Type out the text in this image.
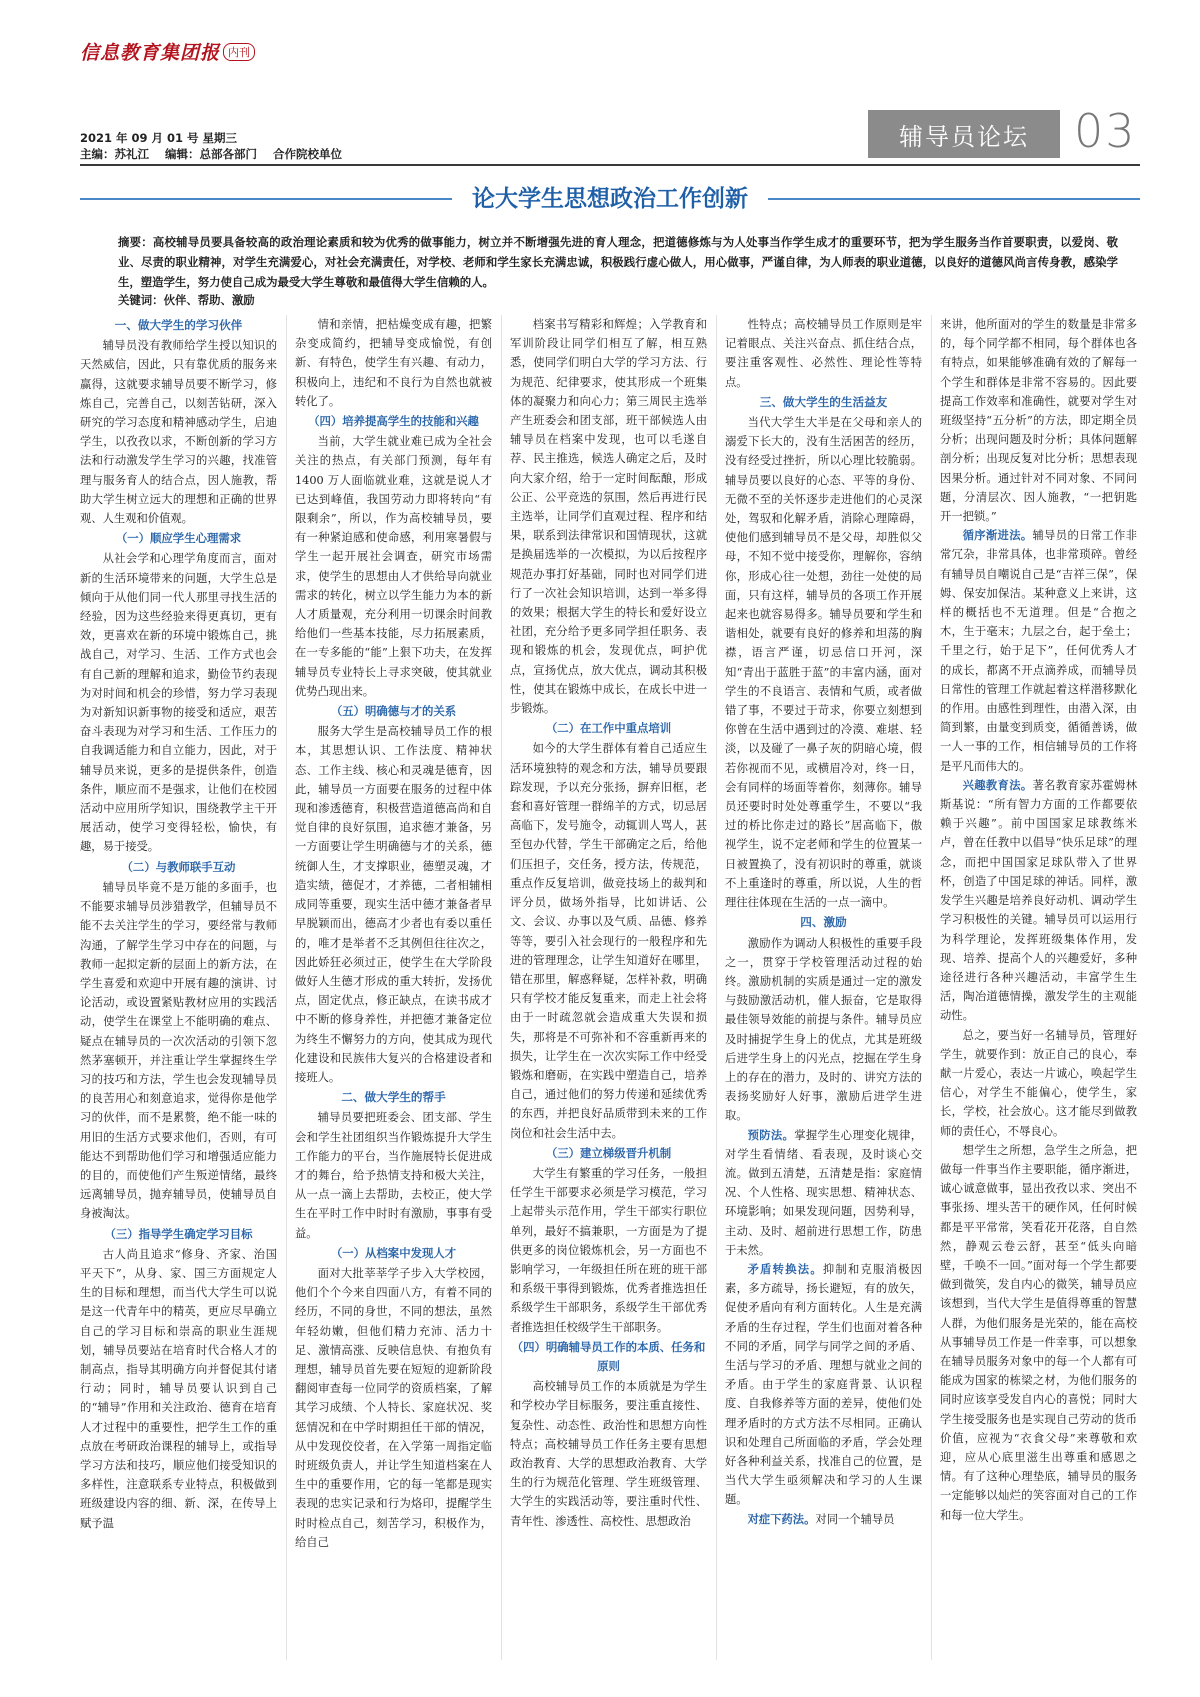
信息教育集团报 内刊
2021 年 09 月 01 号 星期三
主编：苏礼江 编辑：总部各部门 合作院校单位
辅导员论坛 03
论大学生思想政治工作创新
摘要：高校辅导员要具备较高的政治理论素质和较为优秀的做事能力，树立并不断增强先进的育人理念，把道德修炼与为人处事当作学生成才的重要环节，把为学生服务当作首要职责，以爱岗、敬业、尽责的职业精神，对学生充满爱心，对社会充满责任，对学校、老师和学生家长充满忠诚，积极践行虚心做人，用心做事，严谨自律，为人师表的职业道德，以良好的道德风尚言传身教，感染学生，塑造学生，努力使自己成为最受大学生尊敬和最值得大学生信赖的人。
关键词：伙伴、帮助、激励
一、做大学生的学习伙伴

辅导员没有教师给学生授以知识的天然威信，因此，只有靠优质的服务来赢得，这就要求辅导员要不断学习，修炼自己，完善自己，以刻苦钻研，深入研究的学习态度和精神感动学生，启迪学生，以孜孜以求，不断创新的学习方法和行动激发学生学习的兴趣，找准管理与服务育人的结合点，因人施教，帮助大学生树立远大的理想和正确的世界观、人生观和价值观。

（一）顺应学生心理需求

从社会学和心理学角度而言，面对新的生活环境带来的问题，大学生总是倾向于从他们同一代人那里寻找生活的经验，因为这些经验来得更真切，更有效，更喜欢在新的环境中锻炼自己，挑战自己，对学习、生活、工作方式也会有自己新的理解和追求，勤俭节约表现为对时间和机会的珍惜，努力学习表现为对新知识新事物的接受和适应，艰苦奋斗表现为对学习和生活、工作压力的自我调适能力和自立能力，因此，对于辅导员来说，更多的是提供条件，创造条件，顺应而不是强求，让他们在校园活动中应用所学知识，围绕教学主干开展活动，使学习变得轻松，愉快，有趣，易于接受。

（二）与教师联手互动

辅导员毕竟不是万能的多面手，也不能要求辅导员涉猎教学，但辅导员不能不去关注学生的学习，要经常与教师沟通，了解学生学习中存在的问题，与教师一起拟定新的层面上的新方法，在学生喜爱和欢迎中开展有趣的演讲、讨论活动，或设置紧贴教材应用的实践活动，使学生在课堂上不能明确的难点、疑点在辅导员的一次次活动的引领下忽然茅塞顿开，并注重让学生掌握终生学习的技巧和方法，学生也会发现辅导员的良苦用心和刻意追求，觉得你是他学习的伙伴，而不是累赘，绝不能一味的用旧的生活方式要求他们，否则，有可能达不到帮助他们学习和增强适应能力的目的，而使他们产生叛逆情绪，最终远离辅导员，抛弃辅导员，使辅导员自身被淘汰。

（三）指导学生确定学习目标

古人尚且追求“修身、齐家、治国平天下”，从身、家、国三方面规定人生的目标和理想，而当代大学生可以说是这一代青年中的精英，更应尽早确立自己的学习目标和崇高的职业生涯规划，辅导员要站在培育时代合格人才的制高点，指导其明确方向并督促其付诸行动；同时，辅导员要认识到自己的“辅导”作用和关注政治、德育在培育人才过程中的重要性，把学生工作的重点放在考研政治课程的辅导上，或指导学习方法和技巧，顺应他们接受知识的多样性，注意联系专业特点，积极做到班级建设内容的细、新、深，在传导上赋予温

情和亲情，把枯燥变成有趣，把繁杂变成简约，把辅导变成愉悦，有创新、有特色，使学生有兴趣、有动力，积极向上，违纪和不良行为自然也就被转化了。

（四）培养提高学生的技能和兴趣

当前，大学生就业难已成为全社会关注的热点，有关部门预测，每年有 1400 万人面临就业难，这就是说人才已达到峰值，我国劳动力即将转向“有限剩余”，所以，作为高校辅导员，要有一种紧迫感和使命感，利用寒暑假与学生一起开展社会调查，研究市场需求，使学生的思想由人才供给导向就业需求的转化，树立以学生能力为本的新人才质量观，充分利用一切课余时间教给他们一些基本技能，尽力拓展素质，在一专多能的“能”上狠下功夫，在发挥辅导员专业特长上寻求突破，使其就业优势凸现出来。

（五）明确德与才的关系

服务大学生是高校辅导员工作的根本，其思想认识、工作法度、精神状态、工作主线、核心和灵魂是德育，因此，辅导员一方面要在服务的过程中体现和渗透德育，积极营造道德高尚和自觉自律的良好氛围，追求德才兼备，另一方面要让学生明确德与才的关系，德统御人生，才支撑职业，德塑灵魂，才造实绩，德促才，才养德，二者相辅相成同等重要，现实生活中德才兼备者早早脱颖而出，德高才少者也有委以重任的，唯才是举者不乏其例但往往次之，因此娇狂必须过正，使学生在大学阶段做好人生德才形成的重大转折，发扬优点，固定优点，修正缺点，在读书成才中不断的修身养性，并把德才兼备定位为终生不懈努力的方向，使其成为现代化建设和民族伟大复兴的合格建设者和接班人。

二、做大学生的帮手

辅导员要把班委会、团支部、学生会和学生社团组织当作锻炼提升大学生工作能力的平台，当作施展特长促进成才的舞台，给予热情支持和极大关注，从一点一滴上去帮助，去校正，使大学生在平时工作中时时有激励，事事有受益。

（一）从档案中发现人才

面对大批莘莘学子步入大学校园，他们个个今来自四面八方，有着不同的经历，不同的身世，不同的想法，虽然年轻幼嫩，但他们精力充沛、活力十足、激情高涨、反映信息快、有抱负有理想，辅导员首先要在短短的迎新阶段翻阅审查每一位同学的资质档案，了解其学习成绩、个人特长、家庭状况、奖惩情况和在中学时期担任干部的情况，从中发现佼佼者，在入学第一周指定临时班级负责人，并让学生知道档案在人生中的重要作用，它的每一笔都是现实表现的忠实记录和行为烙印，提醒学生时时检点自己，刻苦学习，积极作为，给自己

档案书写精彩和辉煌；入学教育和军训阶段让同学们相互了解，相互熟悉，使同学们明白大学的学习方法、行为规范、纪律要求，使其形成一个班集体的凝聚力和向心力；第三周民主选举产生班委会和团支部，班干部候选人由辅导员在档案中发现，也可以毛遂自荐、民主推选，候选人确定之后，及时向大家介绍，给于一定时间酝酿，形成公正、公平竞选的氛围，然后再进行民主选举，让同学们直观过程、程序和结果，联系到法律常识和国情现状，这就是换届选举的一次模拟，为以后按程序规范办事打好基础，同时也对同学们进行了一次社会知识培训，达到一举多得的效果；根据大学生的特长和爱好设立社团，充分给予更多同学担任职务、表现和锻炼的机会，发现优点，呵护优点，宣扬优点，放大优点，调动其积极性，使其在锻炼中成长，在成长中进一步锻炼。

（二）在工作中重点培训

如今的大学生群体有着自己适应生活环境独特的观念和方法，辅导员要跟踪发现，予以充分张扬，摒弃旧框，老套和喜好管理一群绵羊的方式，切忌居高临下，发号施令，动辄训人骂人，甚至包办代替，学生干部确定之后，给他们压担子，交任务，授方法，传规范，重点作反复培训，做竞技场上的裁判和评分员，做场外指导，比如讲话、公文、会议、办事以及气质、品德、修养等等，要引入社会现行的一般程序和先进的管理理念，让学生知道好在哪里，错在那里，解惑释疑，怎样补救，明确只有学校才能反复重来，而走上社会将由于一时疏忽就会造成重大失误和损失，那将是不可弥补和不容重新再来的损失，让学生在一次次实际工作中经受锻炼和磨砺，在实践中塑造自己，培养自己，通过他们的努力传递和延续优秀的东西，并把良好品质带到未来的工作岗位和社会生活中去。

（三）建立梯级晋升机制

大学生有繁重的学习任务，一般担任学生干部要求必须是学习模范，学习上起带头示范作用，学生干部实行职位单列，最好不搞兼职，一方面是为了提供更多的岗位锻炼机会，另一方面也不影响学习，一年级担任所在班的班干部和系级干事得到锻炼，优秀者推选担任系级学生干部职务，系级学生干部优秀者推选担任校级学生干部职务。

（四）明确辅导员工作的本质、任务和原则

高校辅导员工作的本质就是为学生和学校办学目标服务，要注重直接性、复杂性、动态性、政治性和思想方向性特点；高校辅导员工作任务主要有思想政治教育、大学的思想政治教育、大学生的行为规范化管理、学生班级管理、大学生的实践活动等，要注重时代性、青年性、渗透性、高校性、思想政治

性特点；高校辅导员工作原则是牢记着眼点、关注兴奋点、抓住结合点，要注重客观性、必然性、理论性等特点。

三、做大学生的生活益友

当代大学生大半是在父母和亲人的溺爱下长大的，没有生活困苦的经历，没有经受过挫折，所以心理比较脆弱。辅导员要以良好的心态、平等的身份、无微不至的关怀逐步走进他们的心灵深处，驾驭和化解矛盾，消除心理障碍，使他们感到辅导员不是父母，却胜似父母，不知不觉中接受你，理解你，容纳你，形成心往一处想，劲往一处使的局面，只有这样，辅导员的各项工作开展起来也就容易得多。辅导员要和学生和谐相处，就要有良好的修养和坦荡的胸襟，语言严谨，切忌信口开河，深知“青出于蓝胜于蓝”的丰富内涵，面对学生的不良语言、表情和气质，或者做错了事，不要过于苛求，你要立刻想到你曾在生活中遇到过的冷漠、难堪、轻淡，以及碰了一鼻子灰的阴暗心境，假若你视而不见，或横眉冷对，终一日，会有同样的场面等着你，刻薄你。辅导员还要时时处处尊重学生，不要以“我过的桥比你走过的路长”居高临下，傲视学生，说不定老师和学生的位置某一日被置换了，没有初识时的尊重，就谈不上重逢时的尊重，所以说，人生的哲理往往体现在生活的一点一滴中。

四、激励

激励作为调动人积极性的重要手段之一，贯穿于学校管理活动过程的始终。激励机制的实质是通过一定的激发与鼓励激活动机，催人振奋，它是取得最佳领导效能的前提与条件。辅导员应及时捕捉学生身上的优点，尤其是班级后进学生身上的闪光点，挖掘在学生身上的存在的潜力，及时的、讲究方法的表扬奖励好人好事，激励后进学生进取。

预防法。掌握学生心理变化规律，对学生看情绪、看表现，及时谈心交流。做到五清楚，五清楚是指：家庭情况、个人性格、现实思想、精神状态、环境影响；如果发现问题，因势利导，主动、及时、超前进行思想工作，防患于未然。

矛盾转换法。抑制和克服消极因素，多方疏导，扬长避短，有的放矢，促使矛盾向有利方面转化。人生是充满矛盾的生存过程，学生们也面对着各种不同的矛盾，同学与同学之间的矛盾、生活与学习的矛盾、理想与就业之间的矛盾。由于学生的家庭背景、认识程度、自我修养等方面的差异，使他们处理矛盾时的方式方法不尽相同。正确认识和处理自己所面临的矛盾，学会处理好各种利益关系，找准自己的位置，是当代大学生亟须解决和学习的人生课题。

对症下药法。对同一个辅导员

来讲，他所面对的学生的数量是非常多的，每个同学都不相同，每个群体也各有特点，如果能够准确有效的了解每一个学生和群体是非常不容易的。因此要提高工作效率和准确性，就要对学生对班级坚持“五分析”的方法，即定期全员分析；出现问题及时分析；具体问题解剖分析；出现反复对比分析；思想表现因果分析。通过针对不同对象、不同问题，分清层次、因人施教，“一把钥匙开一把锁。”

循序渐进法。辅导员的日常工作非常冗杂，非常具体，也非常琐碎。曾经有辅导员自嘲说自己是“吉祥三保”，保姆、保安加保洁。某种意义上来讲，这样的概括也不无道理。但是“合抱之木，生于毫末；九层之台，起于垒土；千里之行，始于足下”，任何优秀人才的成长，都离不开点滴养成，而辅导员日常性的管理工作就起着这样潜移默化的作用。由感性到理性，由潜入深，由简到繁，由量变到质变，循循善诱，做一人一事的工作，相信辅导员的工作将是平凡而伟大的。

兴趣教育法。著名教育家苏霍姆林斯基说：“所有智力方面的工作都要依赖于兴趣”。前中国国家足球教练米卢，曾在任教中以倡导“快乐足球”的理念，而把中国国家足球队带入了世界杯，创造了中国足球的神话。同样，激发学生兴趣是培养良好动机、调动学生学习积极性的关键。辅导员可以运用行为科学理论，发挥班级集体作用，发现、培养、提高个人的兴趣爱好，多种途径进行各种兴趣活动，丰富学生生活，陶冶道德情操，激发学生的主观能动性。

总之，要当好一名辅导员，管理好学生，就要作到：放正自己的良心，奉献一片爱心，表达一片诚心，唤起学生信心，对学生不能偏心，使学生，家长，学校，社会放心。这才能尽到做教师的责任心，不辱良心。

想学生之所想，急学生之所急，把做每一件事当作主要职能，循序渐进，诚心诚意做事，显出孜孜以求、突出不事张扬、埋头苦干的硬作风，任何时候都是平平常常，笑看花开花落，自自然然，静观云卷云舒，甚至“低头向暗壁，千唤不一回。”面对每一个学生都要做到微笑，发自内心的微笑，辅导员应该想到，当代大学生是值得尊重的智慧人群，为他们服务是光荣的，能在高校从事辅导员工作是一件幸事，可以想象在辅导员服务对象中的每一个人都有可能成为国家的栋梁之材，为他们服务的同时应该享受发自内心的喜悦；同时大学生接受服务也是实现自己劳动的货币价值，应视为“衣食父母”来尊敬和欢迎，应从心底里滋生出尊重和感恩之情。有了这种心理垫底，辅导员的服务一定能够以灿烂的笑容面对自己的工作和每一位大学生。
